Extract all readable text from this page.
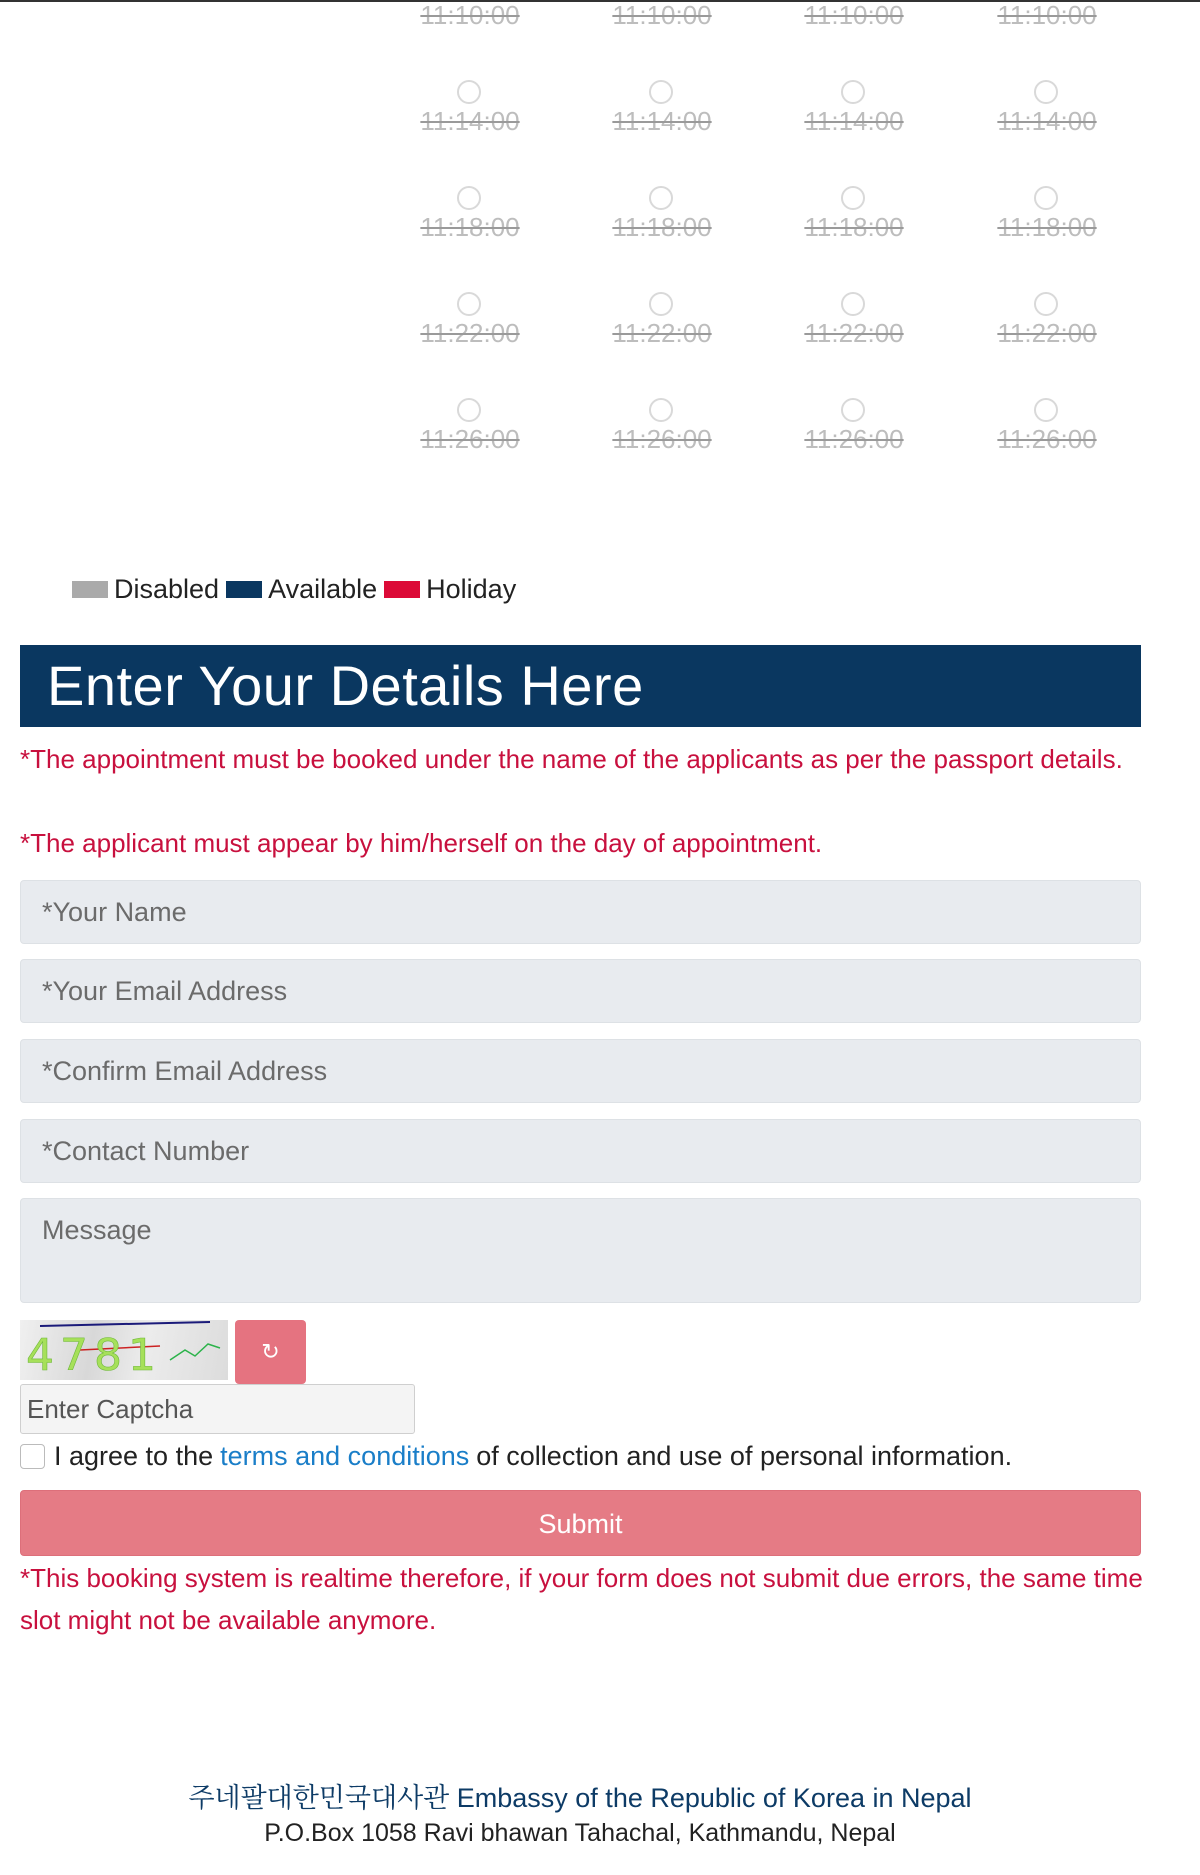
11:10:00
11:14:00
11:18:00
11:22:00
11:26:00
11:10:00
11:14:00
11:18:00
11:22:00
11:26:00
11:10:00
11:14:00
11:18:00
11:22:00
11:26:00
11:10:00
11:14:00
11:18:00
11:22:00
11:26:00
Disabled Available Holiday
Enter Your Details Here
*The appointment must be booked under the name of the applicants as per the passport details.
*The applicant must appear by him/herself on the day of appointment.
*Your Name
*Your Email Address
*Confirm Email Address
*Contact Number
Message
4781	↻
Enter Captcha
I agree to the terms and conditions of collection and use of personal information.
Submit
*This booking system is realtime therefore, if your form does not submit due errors, the same time slot might not be available anymore.
주네팔대한민국대사관 Embassy of the Republic of Korea in Nepal
P.O.Box 1058 Ravi bhawan Tahachal, Kathmandu, Nepal
